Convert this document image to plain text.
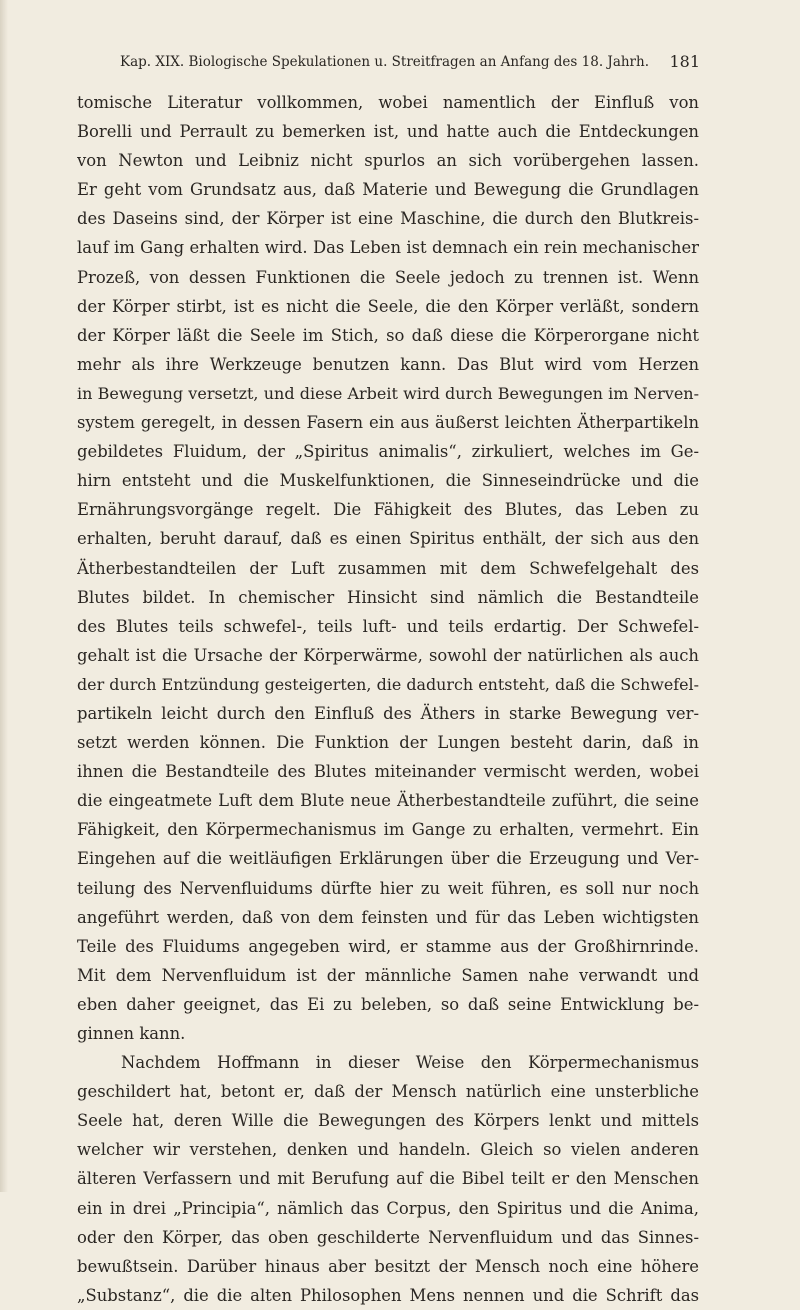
Kap. XIX. Biologische Spekulationen u. Streitfragen an Anfang des 18. Jahrh. 181
tomische Literatur vollkommen, wobei namentlich der Einfluß von
Borelli und Perrault zu bemerken ist, und hatte auch die Entdeckungen
von Newton und Leibniz nicht spurlos an sich vorübergehen lassen.
Er geht vom Grundsatz aus, daß Materie und Bewegung die Grundlagen
des Daseins sind, der Körper ist eine Maschine, die durch den Blutkreis-
lauf im Gang erhalten wird. Das Leben ist demnach ein rein mechanischer
Prozeß, von dessen Funktionen die Seele jedoch zu trennen ist. Wenn
der Körper stirbt, ist es nicht die Seele, die den Körper verläßt, sondern
der Körper läßt die Seele im Stich, so daß diese die Körperorgane nicht
mehr als ihre Werkzeuge benutzen kann. Das Blut wird vom Herzen
in Bewegung versetzt, und diese Arbeit wird durch Bewegungen im Nerven-
system geregelt, in dessen Fasern ein aus äußerst leichten Ätherpartikeln
gebildetes Fluidum, der „Spiritus animalis“, zirkuliert, welches im Ge-
hirn entsteht und die Muskelfunktionen, die Sinneseindrücke und die
Ernährungsvorgänge regelt. Die Fähigkeit des Blutes, das Leben zu
erhalten, beruht darauf, daß es einen Spiritus enthält, der sich aus den
Ätherbestandteilen der Luft zusammen mit dem Schwefelgehalt des
Blutes bildet. In chemischer Hinsicht sind nämlich die Bestandteile
des Blutes teils schwefel-, teils luft- und teils erdartig. Der Schwefel-
gehalt ist die Ursache der Körperwärme, sowohl der natürlichen als auch
der durch Entzündung gesteigerten, die dadurch entsteht, daß die Schwefel-
partikeln leicht durch den Einfluß des Äthers in starke Bewegung ver-
setzt werden können. Die Funktion der Lungen besteht darin, daß in
ihnen die Bestandteile des Blutes miteinander vermischt werden, wobei
die eingeatmete Luft dem Blute neue Ätherbestandteile zuführt, die seine
Fähigkeit, den Körpermechanismus im Gange zu erhalten, vermehrt. Ein
Eingehen auf die weitläufigen Erklärungen über die Erzeugung und Ver-
teilung des Nervenfluidums dürfte hier zu weit führen, es soll nur noch
angeführt werden, daß von dem feinsten und für das Leben wichtigsten
Teile des Fluidums angegeben wird, er stamme aus der Großhirnrinde.
Mit dem Nervenfluidum ist der männliche Samen nahe verwandt und
eben daher geeignet, das Ei zu beleben, so daß seine Entwicklung be-
ginnen kann.
Nachdem Hoffmann in dieser Weise den Körpermechanismus
geschildert hat, betont er, daß der Mensch natürlich eine unsterbliche
Seele hat, deren Wille die Bewegungen des Körpers lenkt und mittels
welcher wir verstehen, denken und handeln. Gleich so vielen anderen
älteren Verfassern und mit Berufung auf die Bibel teilt er den Menschen
ein in drei „Principia“, nämlich das Corpus, den Spiritus und die Anima,
oder den Körper, das oben geschilderte Nervenfluidum und das Sinnes-
bewußtsein. Darüber hinaus aber besitzt der Mensch noch eine höhere
„Substanz“, die die alten Philosophen Mens nennen und die Schrift das
